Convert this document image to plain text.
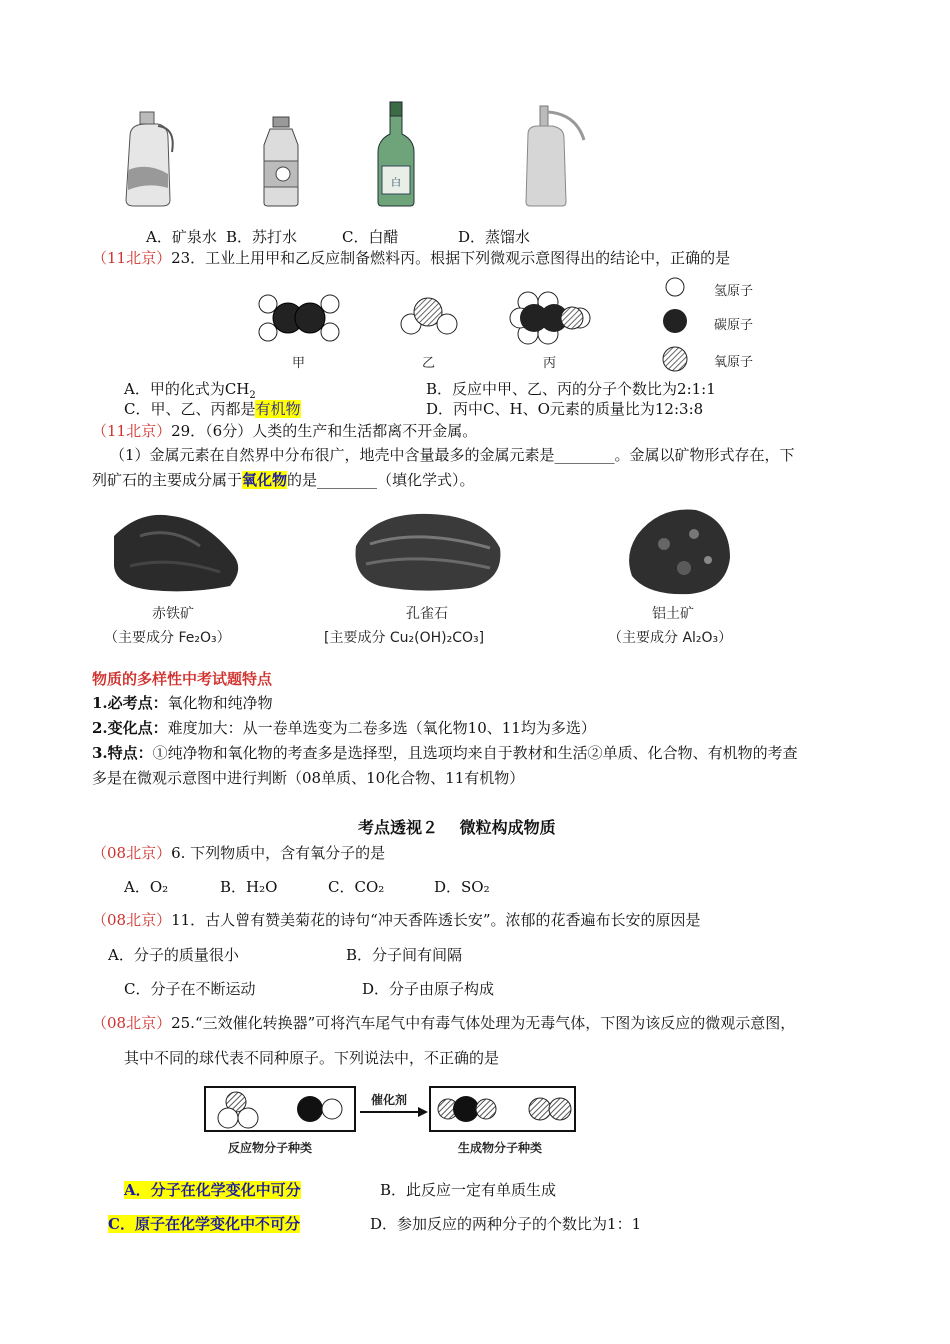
白
A．矿泉水 B．苏打水	C．白醋	D．蒸馏水
（11北京）23．工业上用甲和乙反应制备燃料丙。根据下列微观示意图得出的结论中，正确的是
甲	乙	丙
氢原子
碳原子
氧原子
A．甲的化式为$CH_2$	B．反应中甲、乙、丙的分子个数比为2:1:1
C．甲、乙、丙都是有机物	D．丙中C、H、O元素的质量比为12:3:8
（11北京）29．（6分）人类的生产和生活都离不开金属。
（1）金属元素在自然界中分布很广，地壳中含量最多的金属元素是________。金属以矿物形式存在，下
列矿石的主要成分属于氧化物的是________（填化学式）。
赤铁矿
（主要成分 Fe₂O₃）
孔雀石
[主要成分 Cu₂(OH)₂CO₃]
铝土矿
（主要成分 Al₂O₃）
物质的多样性中考试题特点
1.必考点：氧化物和纯净物
2.变化点：难度加大：从一卷单选变为二卷多选（氧化物10、11均为多选）
3.特点：①纯净物和氧化物的考查多是选择型，且选项均来自于教材和生活②单质、化合物、有机物的考查
多是在微观示意图中进行判断（08单质、10化合物、11有机物）
考点透视２　 微粒构成物质
（08北京）6. 下列物质中，含有氧分子的是
A．O₂	B．H₂O	C．CO₂	D．SO₂
（08北京）11．古人曾有赞美菊花的诗句“冲天香阵透长安”。浓郁的花香遍布长安的原因是
A．分子的质量很小	B．分子间有间隔
C．分子在不断运动	D．分子由原子构成
（08北京）25.“三效催化转换器”可将汽车尾气中有毒气体处理为无毒气体，下图为该反应的微观示意图，
其中不同的球代表不同种原子。下列说法中，不正确的是
催化剂
反应物分子种类	生成物分子种类
A．分子在化学变化中可分	B．此反应一定有单质生成
C．原子在化学变化中不可分	D．参加反应的两种分子的个数比为1：1
